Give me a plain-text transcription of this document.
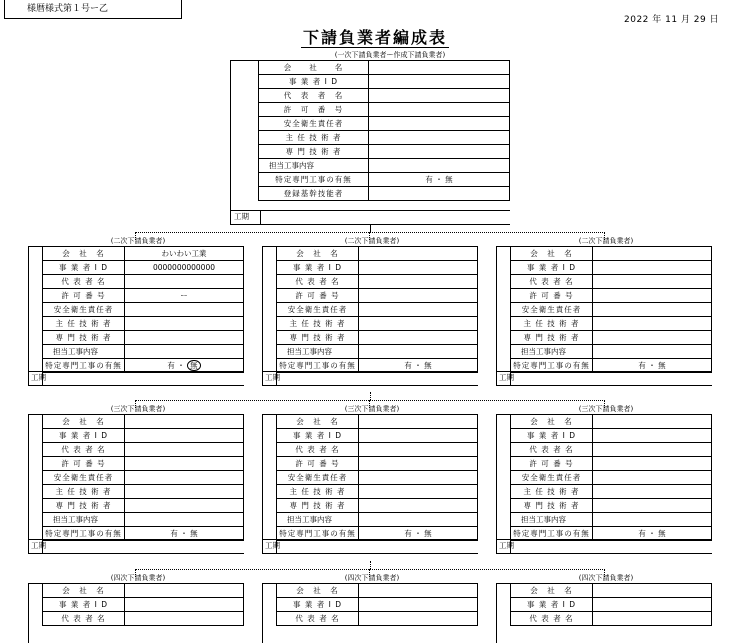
様暦様式第１号ー乙
2022 年 11 月 29 日
下請負業者編成表
(一次下請負業者ー作成下請負業者)
会　　社　　名	
事 業 者 I D	
代　表　者　名	
許　可　番　号	
安全衛生責任者	
主 任 技 術 者	
専 門 技 術 者	
担当工事内容	
特定専門工事の有無	有 ・ 無
登録基幹技能者	
工期
(二次下請負業者)
会　社　名	わいわい工業
事 業 者 I D	0000000000000
代 表 者 名	
許 可 番 号	ー
安全衛生責任者	
主 任 技 術 者	
専 門 技 術 者	
担当工事内容	
特定専門工事の有無	有 ・ 無
工期
(二次下請負業者)
会　社　名	
事 業 者 I D	
代 表 者 名	
許 可 番 号	
安全衛生責任者	
主 任 技 術 者	
専 門 技 術 者	
担当工事内容	
特定専門工事の有無	有 ・ 無
工期
(二次下請負業者)
会　社　名	
事 業 者 I D	
代 表 者 名	
許 可 番 号	
安全衛生責任者	
主 任 技 術 者	
専 門 技 術 者	
担当工事内容	
特定専門工事の有無	有 ・ 無
工期
(三次下請負業者)
会　社　名	
事 業 者 I D	
代 表 者 名	
許 可 番 号	
安全衛生責任者	
主 任 技 術 者	
専 門 技 術 者	
担当工事内容	
特定専門工事の有無	有 ・ 無
工期
(三次下請負業者)
会　社　名	
事 業 者 I D	
代 表 者 名	
許 可 番 号	
安全衛生責任者	
主 任 技 術 者	
専 門 技 術 者	
担当工事内容	
特定専門工事の有無	有 ・ 無
工期
(三次下請負業者)
会　社　名	
事 業 者 I D	
代 表 者 名	
許 可 番 号	
安全衛生責任者	
主 任 技 術 者	
専 門 技 術 者	
担当工事内容	
特定専門工事の有無	有 ・ 無
工期
(四次下請負業者)
会　社　名	
事 業 者 I D	
代 表 者 名	
(四次下請負業者)
会　社　名	
事 業 者 I D	
代 表 者 名	
(四次下請負業者)
会　社　名	
事 業 者 I D	
代 表 者 名	
